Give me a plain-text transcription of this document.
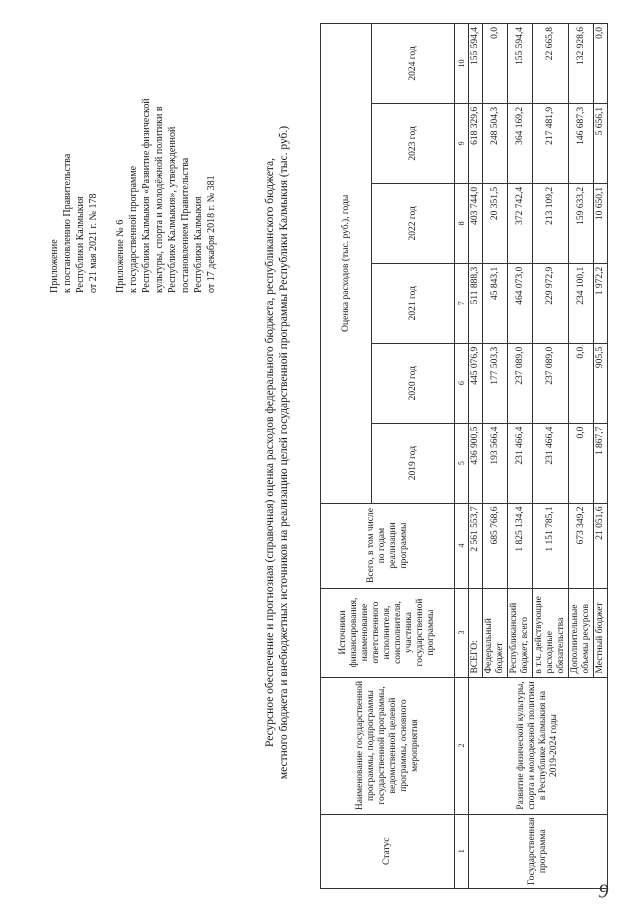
9

Приложение к постановлению Правительства Республики Калмыкия от 21 мая 2021 г. № 178 Приложение № 6 к государственной программе Республики Калмыкия «Развитие физической культуры, спорта и молодёжной политики в Республике Калмыкия», утвержденной постановлением Правительства Республики Калмыкия от 17 декабря 2018 г. № 381	Ресурсное обеспечение и прогнозная (справочная) оценка расходов федерального бюджета, республиканского бюджета, местного бюджета и внебюджетных источников на реализацию целей государственной программы Республики Калмыкия (тыс. руб.)

Статус	Наименование государственной программы, подпрограммы государственной программы, ведомственной целевой программы, основного мероприятия	Источники финансирования, наименование ответственного исполнителя, соисполнителя, участника государственной программы	Всего, в том числе по годам реализации программы	Оценка расходов (тыс. руб.), годы					
				2019 год	2020 год	2021 год	2022 год	2023 год	2024 год
1	2	3	4	5	6	7	8	9	10
Государственная программа	Развитие физической культуры, спорта и молодежной политики в Республике Калмыкия на 2019-2024 годы	ВСЕГО:	2 561 553,7	436 900,5	445 076,9	511 888,3	403 744,0	618 329,6	155 594,4
		Федеральный бюджет	685 768,6	193 566,4	177 503,3	45 843,1	20 351,5	248 504,3	0,0
		Республиканский бюджет, всего	1 825 134,4	231 466,4	237 089,0	464 073,0	372 742,4	364 169,2	155 594,4
		в т.ч. действующие расходные обязательства	1 151 785,1	231 466,4	237 089,0	229 972,9	213 109,2	217 481,9	22 665,8
		Дополнительные объемы ресурсов	673 349,2	0,0	0,0	234 100,1	159 633,2	146 687,3	132 928,6
		Местный бюджет	21 051,6	1 867,7	905,5	1 972,2	10 650,1	5 656,1	0,0
